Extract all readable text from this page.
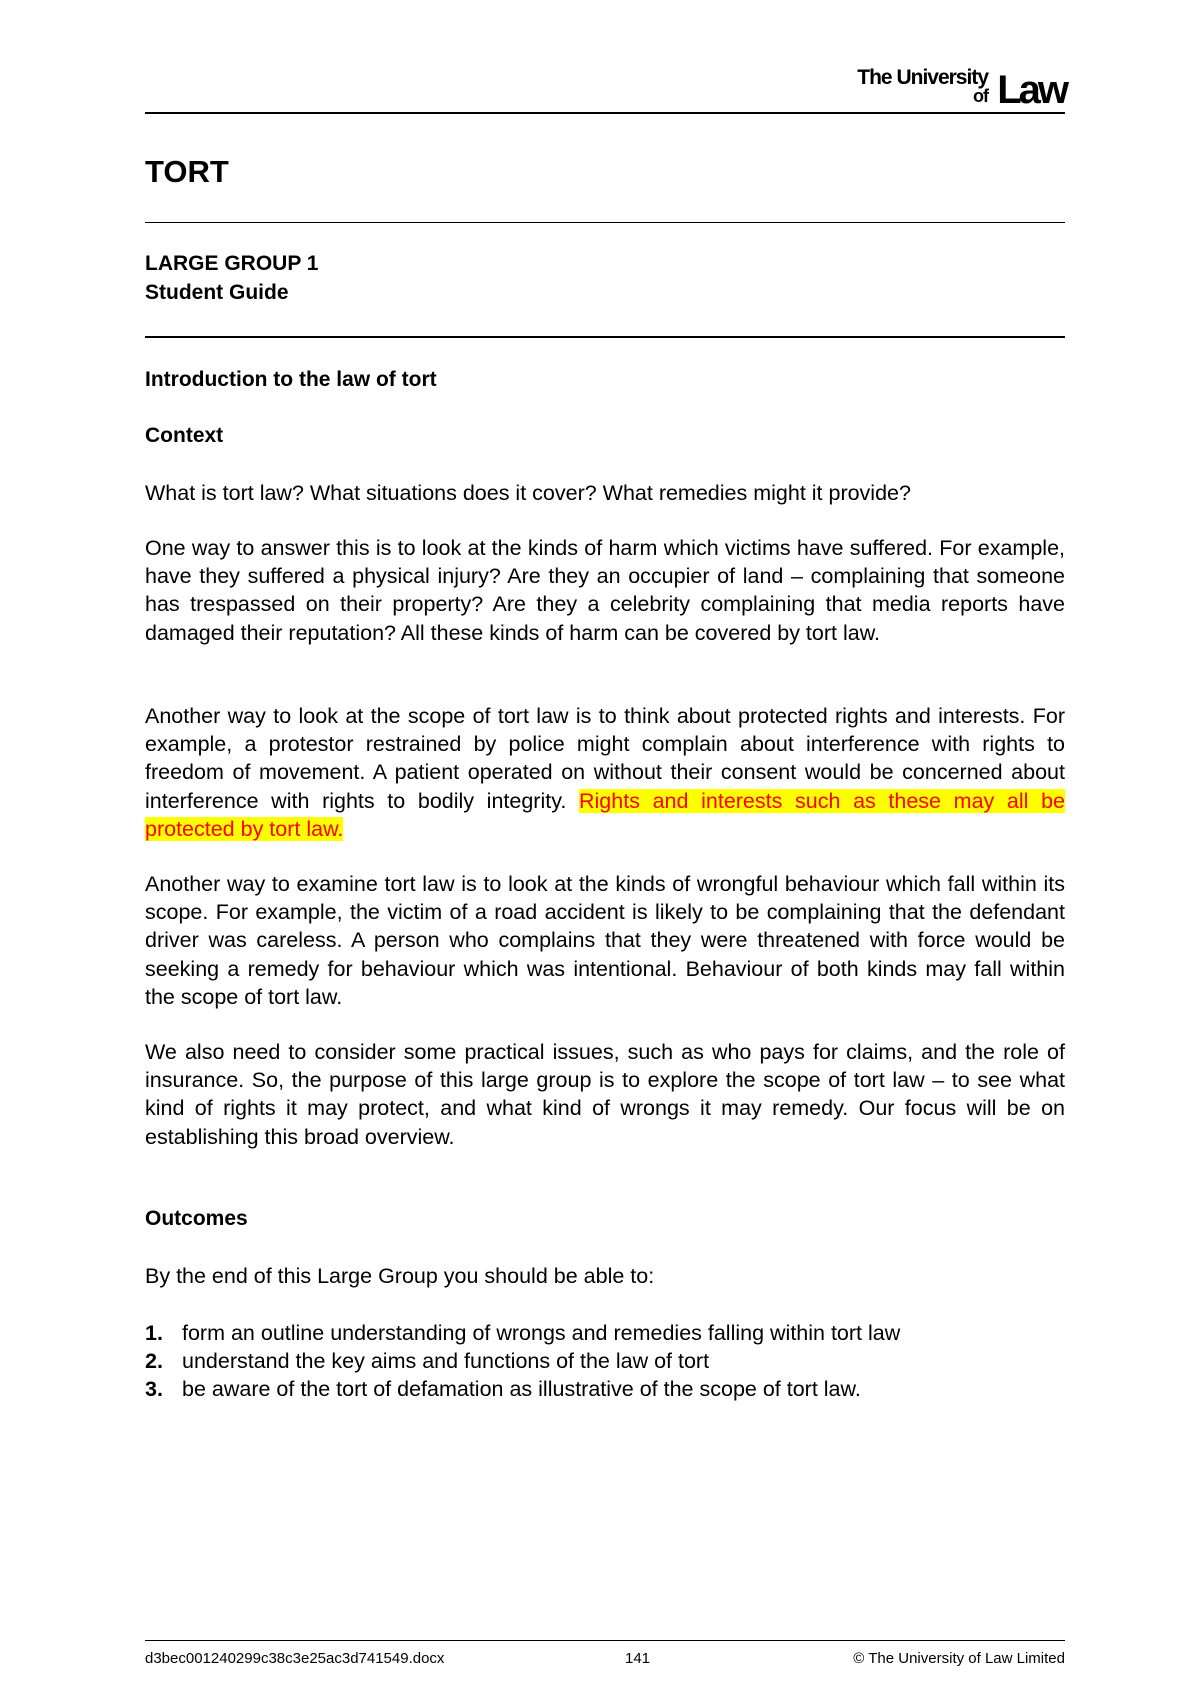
The University
of Law
TORT

LARGE GROUP 1

Student Guide

Introduction to the law of tort
Context

What is tort law? What situations does it cover? What remedies might it provide?

One way to answer this is to look at the kinds of harm which victims have suffered. For example, have they suffered a physical injury? Are they an occupier of land – complaining that someone has trespassed on their property? Are they a celebrity complaining that media reports have damaged their reputation? All these kinds of harm can be covered by tort law.

Another way to look at the scope of tort law is to think about protected rights and interests. For example, a protestor restrained by police might complain about interference with rights to freedom of movement. A patient operated on without their consent would be concerned about interference with rights to bodily integrity. Rights and interests such as these may all be protected by tort law.

Another way to examine tort law is to look at the kinds of wrongful behaviour which fall within its scope. For example, the victim of a road accident is likely to be complaining that the defendant driver was careless. A person who complains that they were threatened with force would be seeking a remedy for behaviour which was intentional. Behaviour of both kinds may fall within the scope of tort law.

We also need to consider some practical issues, such as who pays for claims, and the role of insurance. So, the purpose of this large group is to explore the scope of tort law – to see what kind of rights it may protect, and what kind of wrongs it may remedy. Our focus will be on establishing this broad overview.

Outcomes

By the end of this Large Group you should be able to:

1. form an outline understanding of wrongs and remedies falling within tort law
2. understand the key aims and functions of the law of tort
3. be aware of the tort of defamation as illustrative of the scope of tort law.
d3bec001240299c38c3e25ac3d741549.docx	141	© The University of Law Limited
